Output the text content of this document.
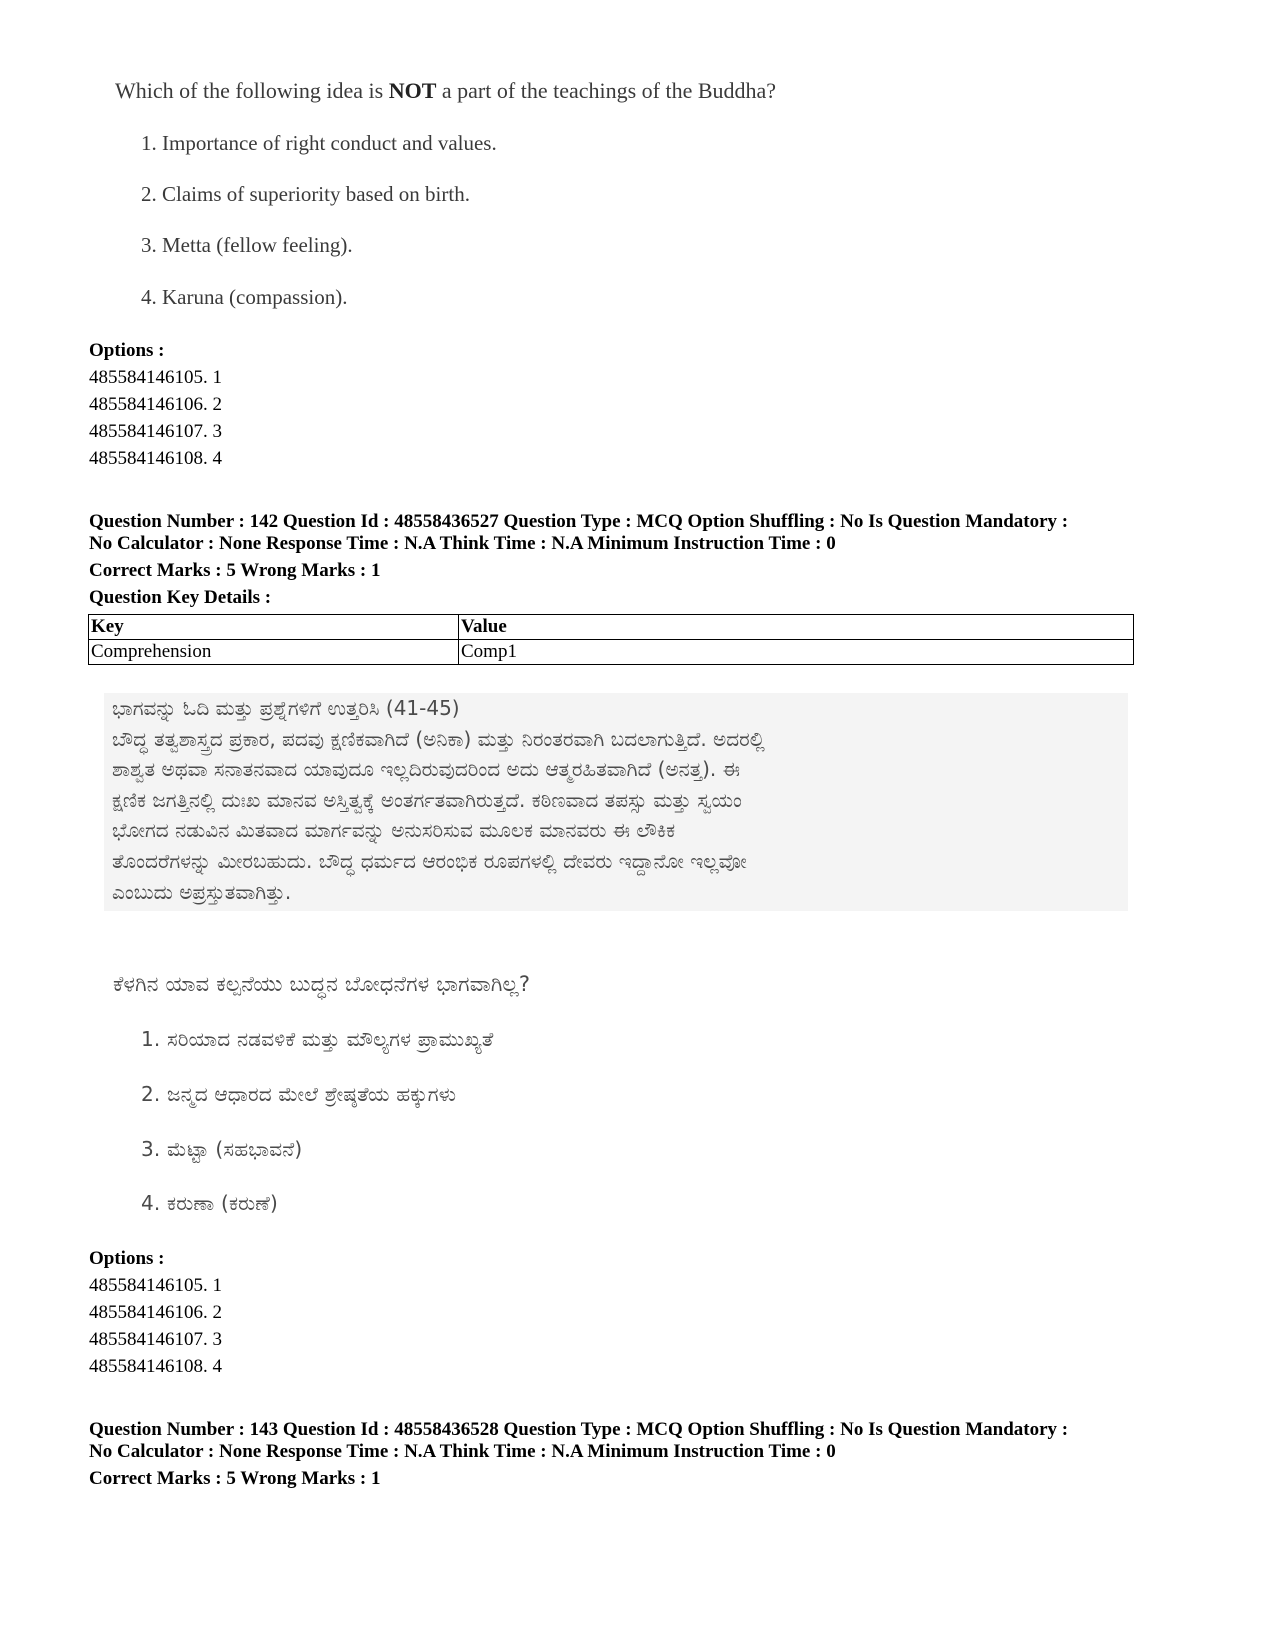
Which of the following idea is NOT a part of the teachings of the Buddha?
1. Importance of right conduct and values.
2. Claims of superiority based on birth.
3. Metta (fellow feeling).
4. Karuna (compassion).
Options :
485584146105. 1
485584146106. 2
485584146107. 3
485584146108. 4
Question Number : 142 Question Id : 48558436527 Question Type : MCQ Option Shuffling : No Is Question Mandatory :
No Calculator : None Response Time : N.A Think Time : N.A Minimum Instruction Time : 0
Correct Marks : 5 Wrong Marks : 1
Question Key Details :
Key	Value
Comprehension	Comp1
ಭಾಗವನ್ನು ಓದಿ ಮತ್ತು ಪ್ರಶ್ನೆಗಳಿಗೆ ಉತ್ತರಿಸಿ (41-45)
ಬೌದ್ಧ ತತ್ವಶಾಸ್ತ್ರದ ಪ್ರಕಾರ, ಪದವು ಕ್ಷಣಿಕವಾಗಿದೆ (ಅನಿಕಾ) ಮತ್ತು ನಿರಂತರವಾಗಿ ಬದಲಾಗುತ್ತಿದೆ. ಅದರಲ್ಲಿ
ಶಾಶ್ವತ ಅಥವಾ ಸನಾತನವಾದ ಯಾವುದೂ ಇಲ್ಲದಿರುವುದರಿಂದ ಅದು ಆತ್ಮರಹಿತವಾಗಿದೆ (ಅನತ್ತ). ಈ
ಕ್ಷಣಿಕ ಜಗತ್ತಿನಲ್ಲಿ ದುಃಖ ಮಾನವ ಅಸ್ತಿತ್ವಕ್ಕೆ ಅಂತರ್ಗತವಾಗಿರುತ್ತದೆ. ಕಠಿಣವಾದ ತಪಸ್ಸು ಮತ್ತು ಸ್ವಯಂ
ಭೋಗದ ನಡುವಿನ ಮಿತವಾದ ಮಾರ್ಗವನ್ನು ಅನುಸರಿಸುವ ಮೂಲಕ ಮಾನವರು ಈ ಲೌಕಿಕ
ತೊಂದರೆಗಳನ್ನು ಮೀರಬಹುದು. ಬೌದ್ಧ ಧರ್ಮದ ಆರಂಭಿಕ ರೂಪಗಳಲ್ಲಿ ದೇವರು ಇದ್ದಾನೋ ಇಲ್ಲವೋ
ಎಂಬುದು ಅಪ್ರಸ್ತುತವಾಗಿತ್ತು.
ಕೆಳಗಿನ ಯಾವ ಕಲ್ಪನೆಯು ಬುದ್ಧನ ಬೋಧನೆಗಳ ಭಾಗವಾಗಿಲ್ಲ?
1. ಸರಿಯಾದ ನಡವಳಿಕೆ ಮತ್ತು ಮೌಲ್ಯಗಳ ಪ್ರಾಮುಖ್ಯತೆ
2. ಜನ್ಮದ ಆಧಾರದ ಮೇಲೆ ಶ್ರೇಷ್ಠತೆಯ ಹಕ್ಕುಗಳು
3. ಮೆಟ್ಟಾ (ಸಹಭಾವನೆ)
4. ಕರುಣಾ (ಕರುಣೆ)
Options :
485584146105. 1
485584146106. 2
485584146107. 3
485584146108. 4
Question Number : 143 Question Id : 48558436528 Question Type : MCQ Option Shuffling : No Is Question Mandatory :
No Calculator : None Response Time : N.A Think Time : N.A Minimum Instruction Time : 0
Correct Marks : 5 Wrong Marks : 1
